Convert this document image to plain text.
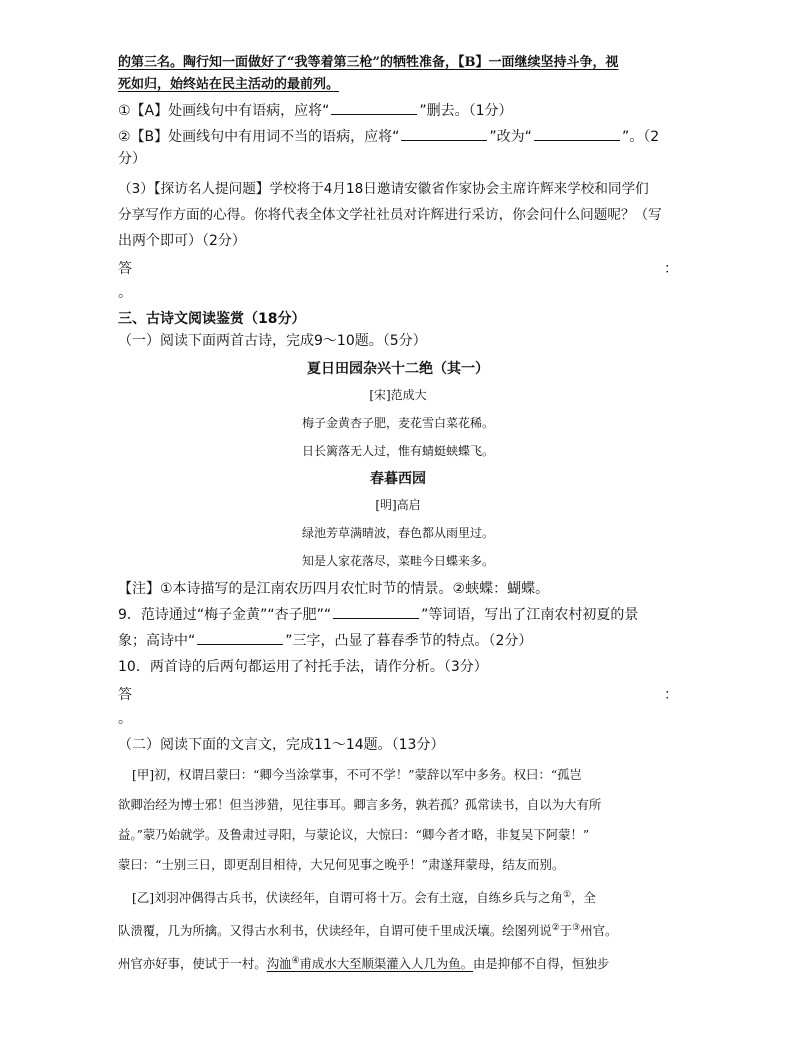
的第三名。陶行知一面做好了“我等着第三枪”的牺牲准备，【B】一面继续坚持斗争，视
死如归，始终站在民主活动的最前列。
①【A】处画线句中有语病，应将“	”删去。（1分）
②【B】处画线句中有用词不当的语病，应将“	”改为“	”。（2
分）
（3）【探访名人提问题】学校将于4月18日邀请安徽省作家协会主席许辉来学校和同学们
分享写作方面的心得。你将代表全体文学社社员对许辉进行采访，你会问什么问题呢？（写
出两个即可）（2分）
答	：
。
三、古诗文阅读鉴赏（18分）
（一）阅读下面两首古诗，完成9～10题。（5分）
夏日田园杂兴十二绝（其一）
[宋]范成大
梅子金黄杏子肥，麦花雪白菜花稀。
日长篱落无人过，惟有蜻蜓蛱蝶飞。
春暮西园
[明]高启
绿池芳草满晴波，春色都从雨里过。
知是人家花落尽，菜畦今日蝶来多。
【注】①本诗描写的是江南农历四月农忙时节的情景。②蛱蝶：蝴蝶。
9．范诗通过“梅子金黄”“杏子肥”“	”等词语，写出了江南农村初夏的景
象；高诗中“	”三字，凸显了暮春季节的特点。（2分）
10．两首诗的后两句都运用了衬托手法，请作分析。（3分）
答	：
。
（二）阅读下面的文言文，完成11～14题。（13分）
[甲]初，权谓吕蒙曰：“卿今当涂掌事，不可不学！”蒙辞以军中多务。权曰：“孤岂
欲卿治经为博士邪！但当涉猎，见往事耳。卿言多务，孰若孤？孤常读书，自以为大有所
益。”蒙乃始就学。及鲁肃过寻阳，与蒙论议，大惊曰：“卿今者才略，非复吴下阿蒙！”
蒙曰：“士别三日，即更刮目相待，大兄何见事之晚乎！”肃遂拜蒙母，结友而别。
[乙]刘羽冲偶得古兵书，伏读经年，自谓可将十万。会有土寇，自练乡兵与之角①，全
队溃覆，几为所擒。又得古水利书，伏读经年，自谓可使千里成沃壤。绘图列说②于③州官。
州官亦好事，使试于一村。沟洫④甫成水大至顺渠灌入人几为鱼。由是抑郁不自得，恒独步
